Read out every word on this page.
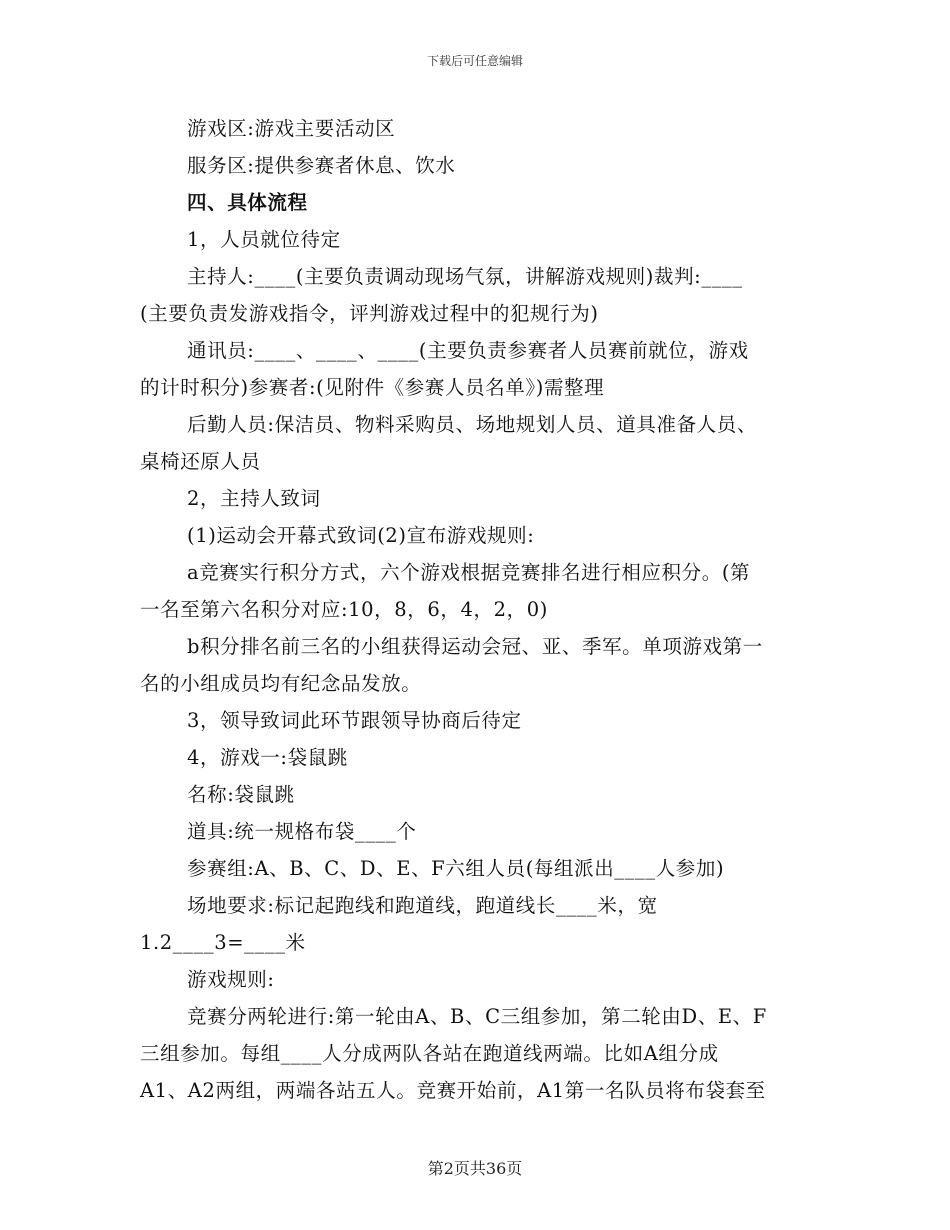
下载后可任意编辑
游戏区:游戏主要活动区
服务区:提供参赛者休息、饮水
四、具体流程
1，人员就位待定
主持人:____(主要负责调动现场气氛，讲解游戏规则)裁判:____
(主要负责发游戏指令，评判游戏过程中的犯规行为)
通讯员:____、____、____(主要负责参赛者人员赛前就位，游戏
的计时积分)参赛者:(见附件《参赛人员名单》)需整理
后勤人员:保洁员、物料采购员、场地规划人员、道具准备人员、
桌椅还原人员
2，主持人致词
(1)运动会开幕式致词(2)宣布游戏规则:
a竞赛实行积分方式，六个游戏根据竞赛排名进行相应积分。(第
一名至第六名积分对应:10，8，6，4，2，0)
b积分排名前三名的小组获得运动会冠、亚、季军。单项游戏第一
名的小组成员均有纪念品发放。
3，领导致词此环节跟领导协商后待定
4，游戏一:袋鼠跳
名称:袋鼠跳
道具:统一规格布袋____个
参赛组:A、B、C、D、E、F六组人员(每组派出____人参加)
场地要求:标记起跑线和跑道线，跑道线长____米，宽
1.2____3=____米
游戏规则:
竞赛分两轮进行:第一轮由A、B、C三组参加，第二轮由D、E、F
三组参加。每组____人分成两队各站在跑道线两端。比如A组分成
A1、A2两组，两端各站五人。竞赛开始前，A1第一名队员将布袋套至
第2页共36页
